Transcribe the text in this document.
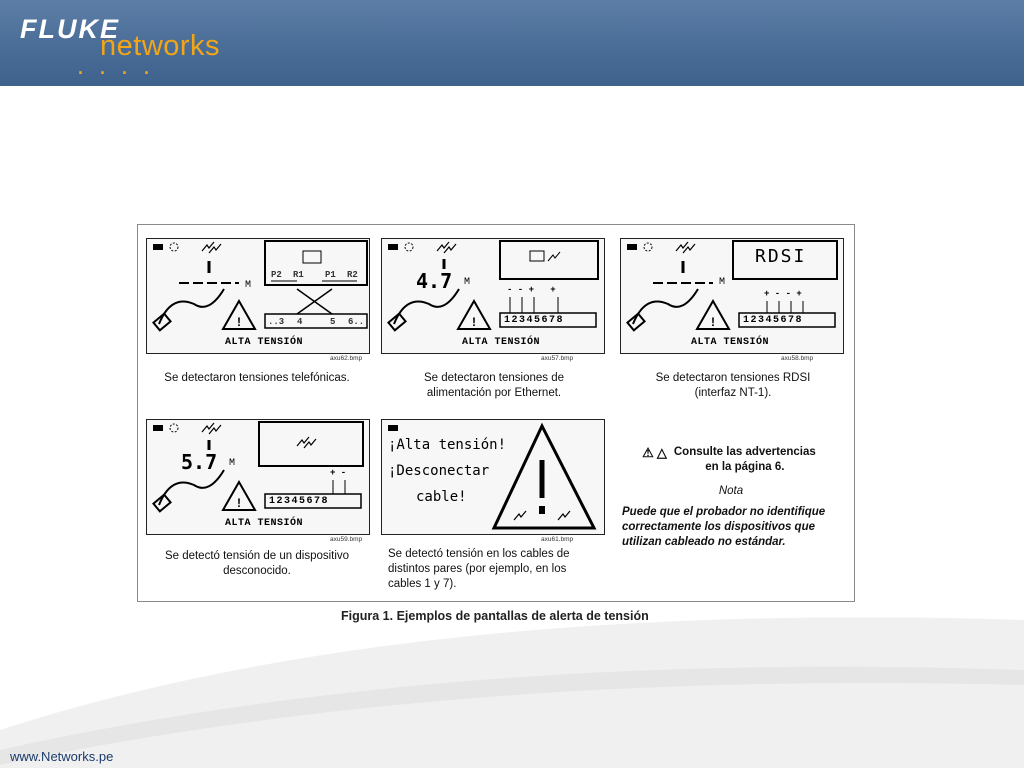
FLUKE
networks
. . . .
M
!
P2 R1 P1 R2
..3 4	5 6..
ALTA TENSIÓN
axu62.bmp
Se detectaron tensiones telefónicas.
!
4.7 M
- - +   +
12345678
ALTA TENSIÓN
axu57.bmp
Se detectaron tensiones de alimentación por Ethernet.
!
M
RDSI
+ - - +
12345678
ALTA TENSIÓN
axu58.bmp
Se detectaron tensiones RDSI (interfaz NT-1).
!
5.7 M
+ -
12345678
ALTA TENSIÓN
axu59.bmp
Se detectó tensión de un dispositivo desconocido.
¡Alta tensión!
¡Desconectar
cable!
axu61.bmp
Se detectó tensión en los cables de distintos pares (por ejemplo, en los cables 1 y 7).
⚠ △ Consulte las advertencias en la página 6.
Nota
Puede que el probador no identifique correctamente los dispositivos que utilizan cableado no estándar.
Figura 1. Ejemplos de pantallas de alerta de tensión
www.Networks.pe
